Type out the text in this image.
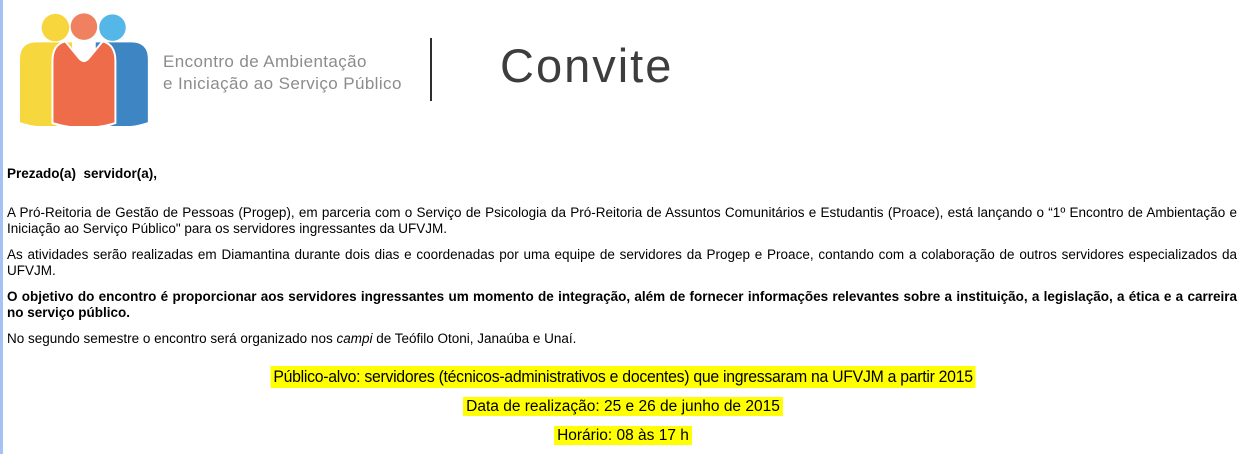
Encontro de Ambientação
e Iniciação ao Serviço Público Convite

Prezado(a)  servidor(a),

A Pró-Reitoria de Gestão de Pessoas (Progep), em parceria com o Serviço de Psicologia da Pró-Reitoria de Assuntos Comunitários e Estudantis (Proace), está lançando o “1º Encontro de Ambientação e Iniciação ao Serviço Público" para os servidores ingressantes da UFVJM.

As atividades serão realizadas em Diamantina durante dois dias e coordenadas por uma equipe de servidores da Progep e Proace, contando com a colaboração de outros servidores especializados da UFVJM.

O objetivo do encontro é proporcionar aos servidores ingressantes um momento de integração, além de fornecer informações relevantes sobre a instituição, a legislação, a ética e a carreira no serviço público.

No segundo semestre o encontro será organizado nos campi de Teófilo Otoni, Janaúba e Unaí.

Público-alvo: servidores (técnicos-administrativos e docentes) que ingressaram na UFVJM a partir 2015
Data de realização: 25 e 26 de junho de 2015
Horário: 08 às 17 h
